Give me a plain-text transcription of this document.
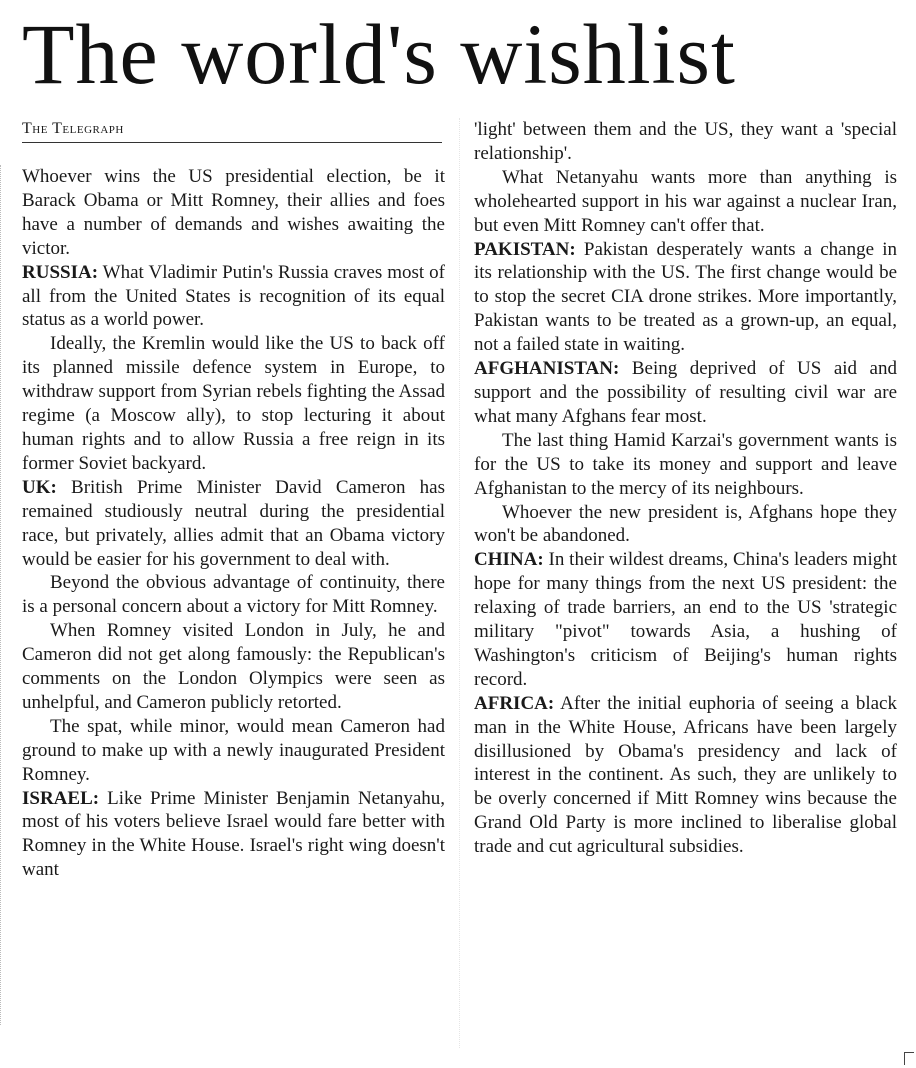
The world's wishlist
The Telegraph

Whoever wins the US presidential election, be it Barack Obama or Mitt Romney, their allies and foes have a number of demands and wishes awaiting the victor.

RUSSIA: What Vladimir Putin's Russia craves most of all from the United States is recognition of its equal status as a world power.

Ideally, the Kremlin would like the US to back off its planned missile defence system in Europe, to withdraw support from Syrian rebels fighting the Assad regime (a Moscow ally), to stop lecturing it about human rights and to allow Russia a free reign in its former Soviet backyard.

UK: British Prime Minister David Cameron has remained studiously neutral during the presidential race, but privately, allies admit that an Obama victory would be easier for his government to deal with.

Beyond the obvious advantage of continuity, there is a personal concern about a victory for Mitt Romney.

When Romney visited London in July, he and Cameron did not get along famously: the Republican's comments on the London Olympics were seen as unhelpful, and Cameron publicly retorted.

The spat, while minor, would mean Cameron had ground to make up with a newly inaugurated President Romney.

ISRAEL: Like Prime Minister Benjamin Netanyahu, most of his voters believe Israel would fare better with Romney in the White House. Israel's right wing doesn't want

'light' between them and the US, they want a 'special relationship'.

What Netanyahu wants more than anything is wholehearted support in his war against a nuclear Iran, but even Mitt Romney can't offer that.

PAKISTAN: Pakistan desperately wants a change in its relationship with the US. The first change would be to stop the secret CIA drone strikes. More importantly, Pakistan wants to be treated as a grown-up, an equal, not a failed state in waiting.

AFGHANISTAN: Being deprived of US aid and support and the possibility of resulting civil war are what many Afghans fear most.

The last thing Hamid Karzai's government wants is for the US to take its money and support and leave Afghanistan to the mercy of its neighbours.

Whoever the new president is, Afghans hope they won't be abandoned.

CHINA: In their wildest dreams, China's leaders might hope for many things from the next US president: the relaxing of trade barriers, an end to the US 'strategic military "pivot" towards Asia, a hushing of Washington's criticism of Beijing's human rights record.

AFRICA: After the initial euphoria of seeing a black man in the White House, Africans have been largely disillusioned by Obama's presidency and lack of interest in the continent. As such, they are unlikely to be overly concerned if Mitt Romney wins because the Grand Old Party is more inclined to liberalise global trade and cut agricultural subsidies.
